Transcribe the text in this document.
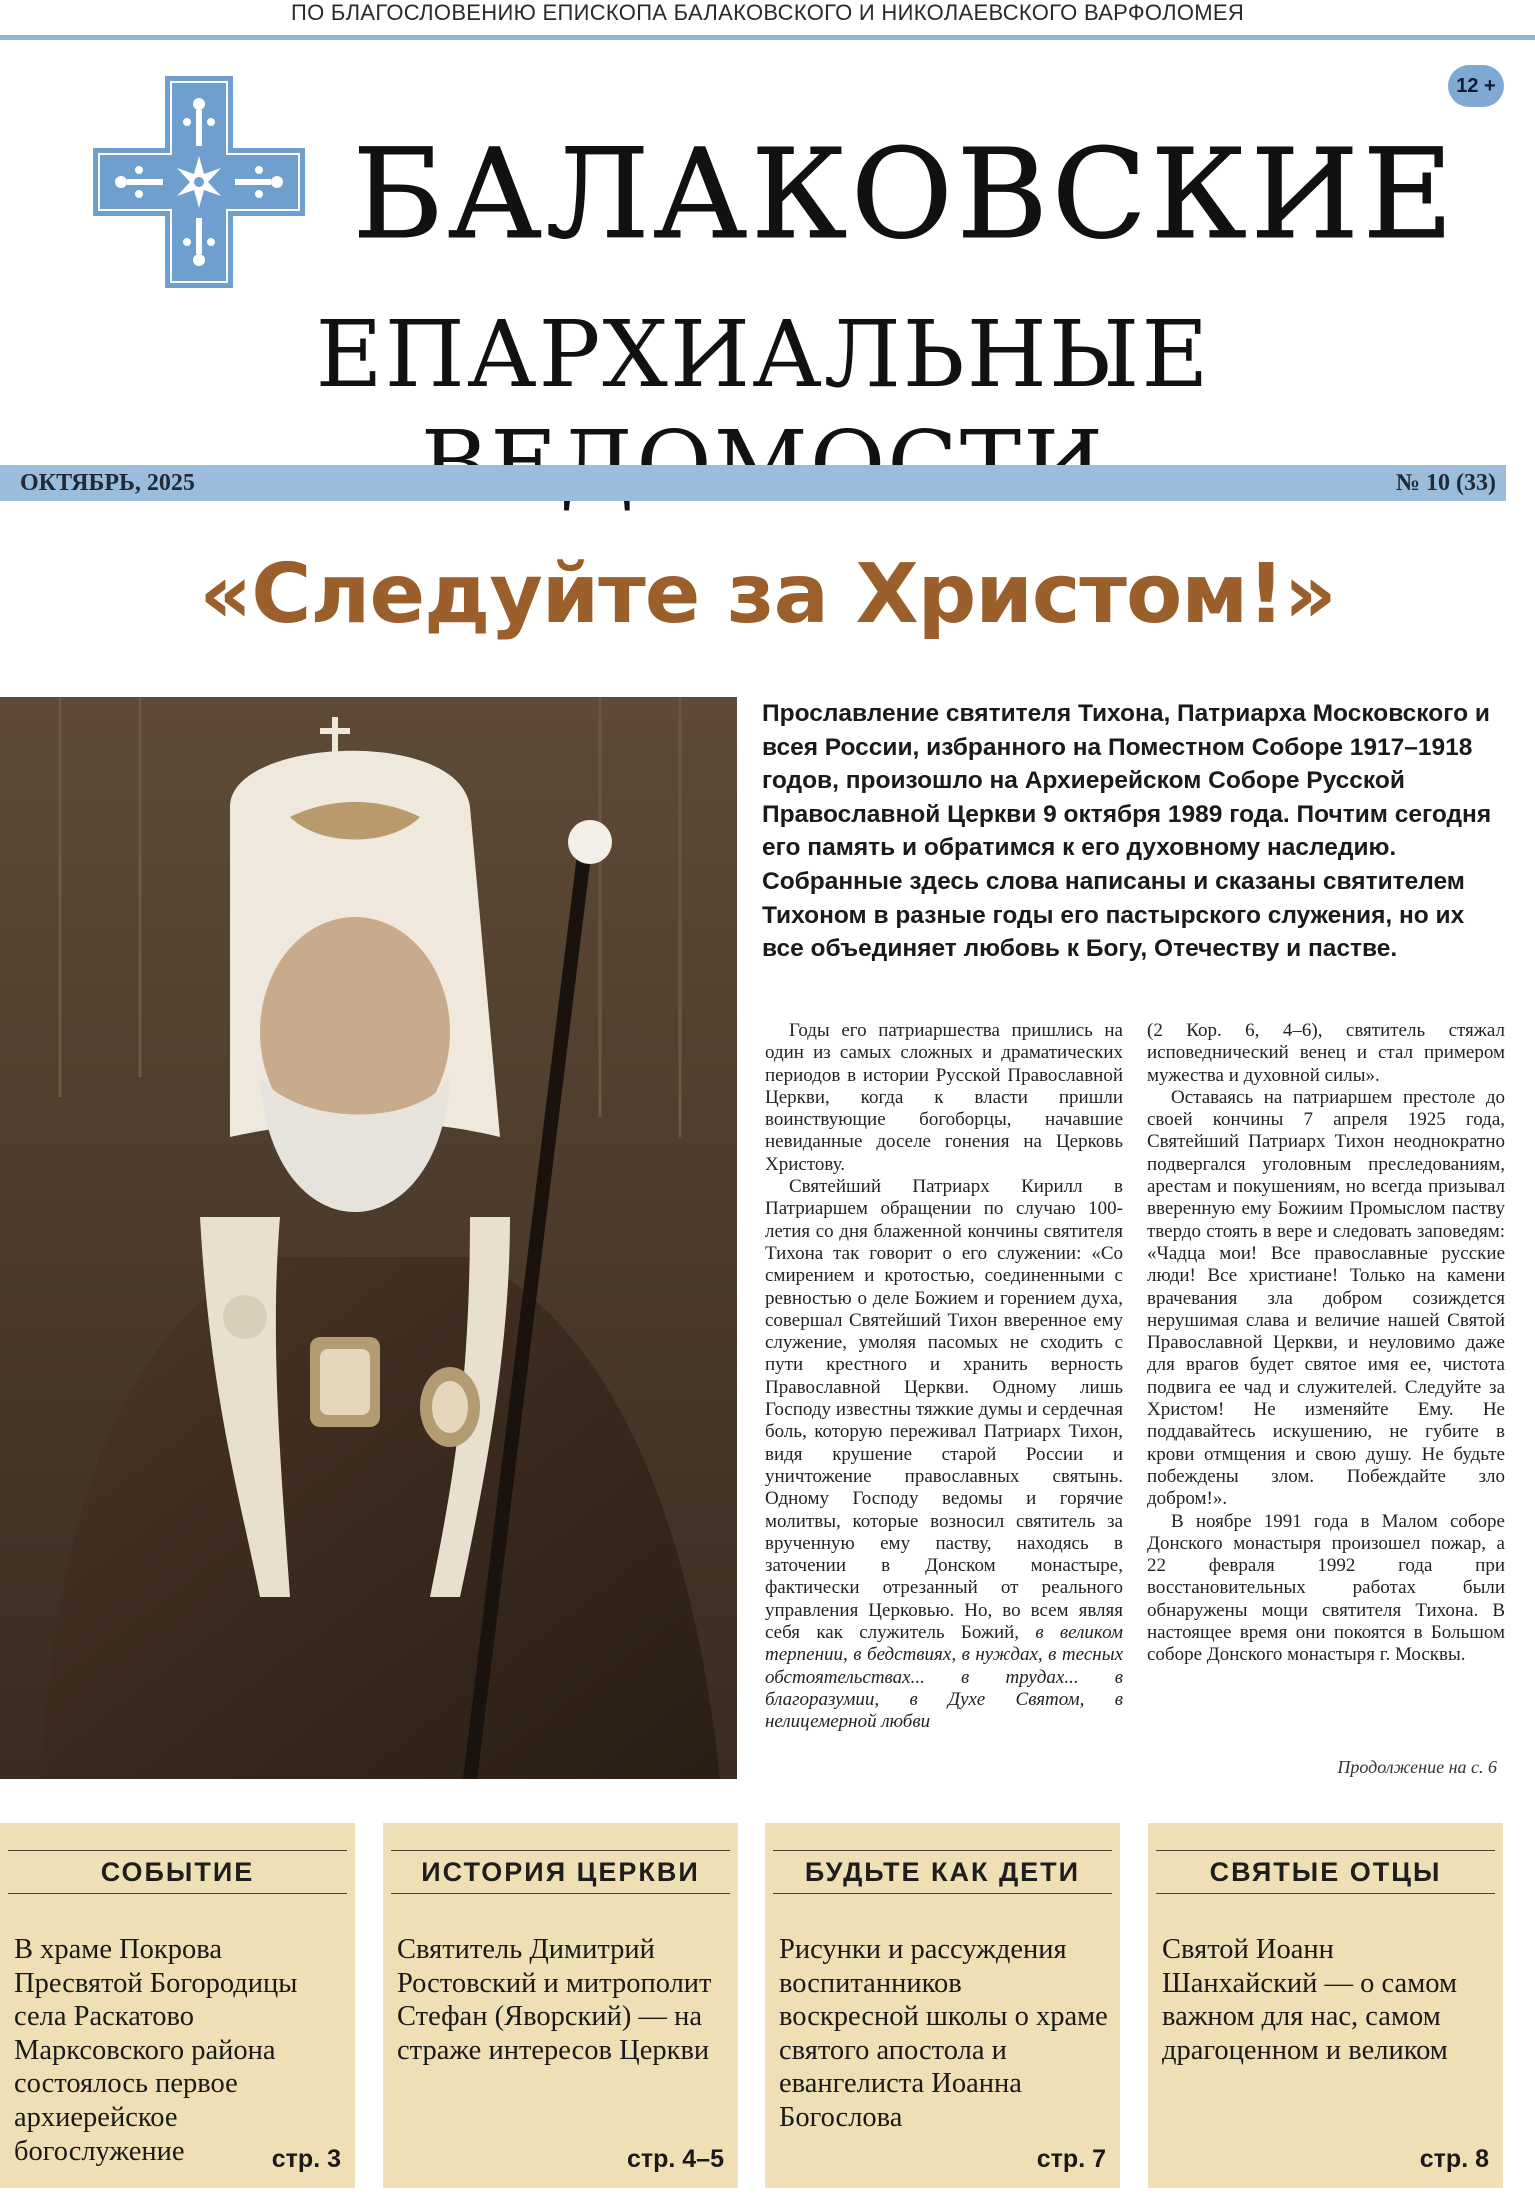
ПО БЛАГОСЛОВЕНИЮ ЕПИСКОПА БАЛАКОВСКОГО И НИКОЛАЕВСКОГО ВАРФОЛОМЕЯ
12 +
БАЛАКОВСКИЕ
ЕПАРХИАЛЬНЫЕ
ОКТЯБРЬ, 2025	№ 10 (33)
«Следуйте за Христом!»

Прославление святителя Тихона, Патриарха Московского и всея России, избранного на Поместном Соборе 1917–1918 годов, произошло на Архиерейском Соборе Русской Православной Церкви 9 октября 1989 года. Почтим сегодня его память и обратимся к его духовному наследию. Собранные здесь слова написаны и сказаны святителем Тихоном в разные годы его пастырского служения, но их все объединяет любовь к Богу, Отечеству и пастве.

Годы его патриаршества пришлись на один из самых сложных и драматических периодов в истории Русской Православной Церкви, когда к власти пришли воинствующие богоборцы, начавшие невиданные доселе гонения на Церковь Христову.

Святейший Патриарх Кирилл в Патриаршем обращении по случаю 100-летия со дня блаженной кончины святителя Тихона так говорит о его служении: «Со смирением и кротостью, соединенными с ревностью о деле Божием и горением духа, совершал Святейший Тихон вверенное ему служение, умоляя пасомых не сходить с пути крестного и хранить верность Православной Церкви. Одному лишь Господу известны тяжкие думы и сердечная боль, которую переживал Патриарх Тихон, видя крушение старой России и уничтожение православных святынь. Одному Господу ведомы и горячие молитвы, которые возносил святитель за врученную ему паству, находясь в заточении в Донском монастыре, фактически отрезанный от реального управления Церковью. Но, во всем являя себя как служитель Божий, в великом терпении, в бедствиях, в нуждах, в тесных обстоятельствах... в трудах... в благоразумии, в Духе Святом, в нелицемерной любви

(2 Кор. 6, 4–6), святитель стяжал исповеднический венец и стал примером мужества и духовной силы».

Оставаясь на патриаршем престоле до своей кончины 7 апреля 1925 года, Святейший Патриарх Тихон неоднократно подвергался уголовным преследованиям, арестам и покушениям, но всегда призывал вверенную ему Божиим Промыслом паству твердо стоять в вере и следовать заповедям: «Чадца мои! Все православные русские люди! Все христиане! Только на камени врачевания зла добром созиждется нерушимая слава и величие нашей Святой Православной Церкви, и неуловимо даже для врагов будет святое имя ее, чистота подвига ее чад и служителей. Следуйте за Христом! Не изменяйте Ему. Не поддавайтесь искушению, не губите в крови отмщения и свою душу. Не будьте побеждены злом. Побеждайте зло добром!».

В ноябре 1991 года в Малом соборе Донского монастыря произошел пожар, а 22 февраля 1992 года при восстановительных работах были обнаружены мощи святителя Тихона. В настоящее время они покоятся в Большом соборе Донского монастыря г. Москвы.

Продолжение на с. 6
СОБЫТИЕ
В храме Покрова Пресвятой Богородицы села Раскатово Марксовского района состоялось первое архиерейское богослужение	стр. 3
ИСТОРИЯ ЦЕРКВИ
Святитель Димитрий Ростовский и митрополит Стефан (Яворский) — на страже интересов Церкви
стр. 4–5
БУДЬТЕ КАК ДЕТИ
Рисунки и рассуждения воспитанников воскресной школы о храме святого апостола и евангелиста Иоанна Богослова
стр. 7
СВЯТЫЕ ОТЦЫ
Святой Иоанн Шанхайский — о самом важном для нас, самом драгоценном и великом
стр. 8
